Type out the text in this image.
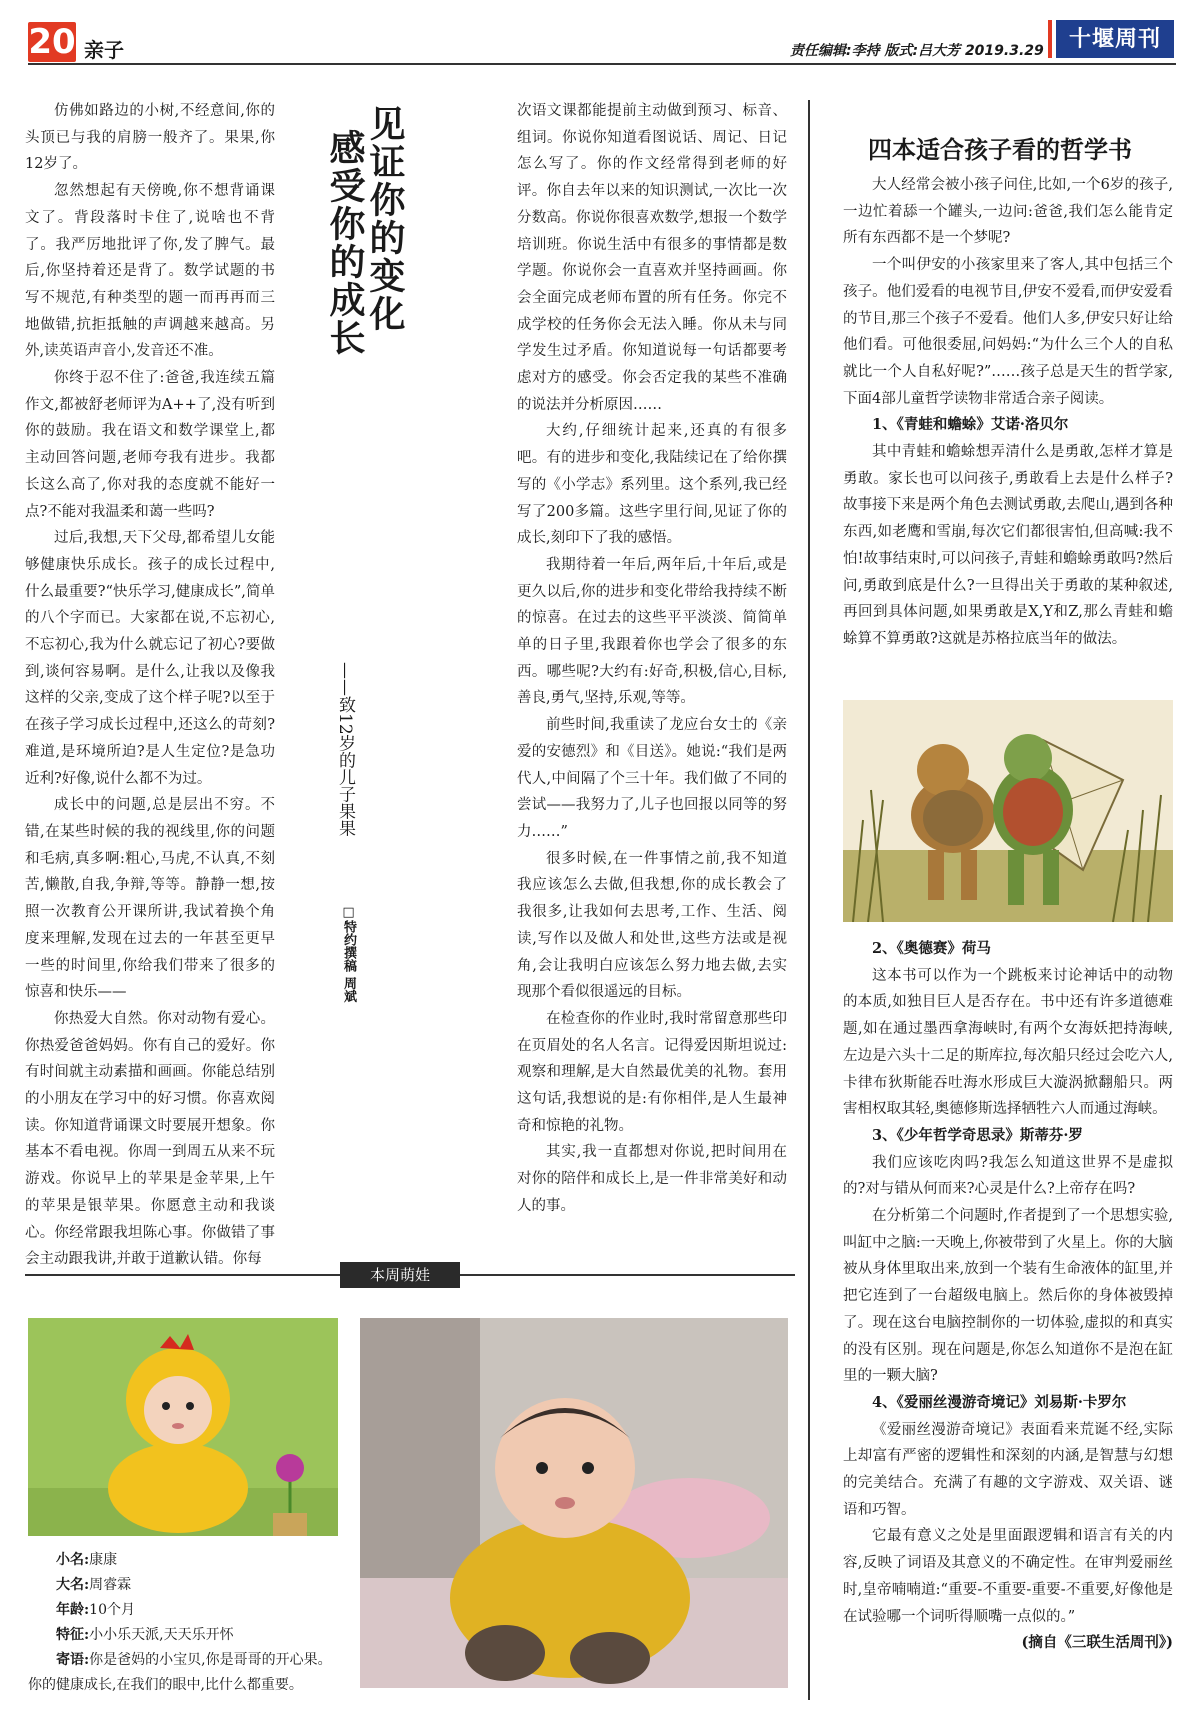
20 亲子	责任编辑:李持 版式:吕大芳 2019.3.29	十堰周刊

仿佛如路边的小树,不经意间,你的头顶已与我的肩膀一般齐了。果果,你12岁了。

忽然想起有天傍晚,你不想背诵课文了。背段落时卡住了,说啥也不背了。我严厉地批评了你,发了脾气。最后,你坚持着还是背了。数学试题的书写不规范,有种类型的题一而再再而三地做错,抗拒抵触的声调越来越高。另外,读英语声音小,发音还不准。

你终于忍不住了:爸爸,我连续五篇作文,都被舒老师评为A++了,没有听到你的鼓励。我在语文和数学课堂上,都主动回答问题,老师夸我有进步。我都长这么高了,你对我的态度就不能好一点?不能对我温柔和蔼一些吗?

过后,我想,天下父母,都希望儿女能够健康快乐成长。孩子的成长过程中,什么最重要?“快乐学习,健康成长”,简单的八个字而已。大家都在说,不忘初心,不忘初心,我为什么就忘记了初心?要做到,谈何容易啊。是什么,让我以及像我这样的父亲,变成了这个样子呢?以至于在孩子学习成长过程中,还这么的苛刻?难道,是环境所迫?是人生定位?是急功近利?好像,说什么都不为过。

成长中的问题,总是层出不穷。不错,在某些时候的我的视线里,你的问题和毛病,真多啊:粗心,马虎,不认真,不刻苦,懒散,自我,争辩,等等。静静一想,按照一次教育公开课所讲,我试着换个角度来理解,发现在过去的一年甚至更早一些的时间里,你给我们带来了很多的惊喜和快乐——

你热爱大自然。你对动物有爱心。你热爱爸爸妈妈。你有自己的爱好。你有时间就主动素描和画画。你能总结别的小朋友在学习中的好习惯。你喜欢阅读。你知道背诵课文时要展开想象。你基本不看电视。你周一到周五从来不玩游戏。你说早上的苹果是金苹果,上午的苹果是银苹果。你愿意主动和我谈心。你经常跟我坦陈心事。你做错了事会主动跟我讲,并敢于道歉认错。你每

见证你的变化
感受你的成长
——致12岁的儿子果果
□特约撰稿 周斌

次语文课都能提前主动做到预习、标音、组词。你说你知道看图说话、周记、日记怎么写了。你的作文经常得到老师的好评。你自去年以来的知识测试,一次比一次分数高。你说你很喜欢数学,想报一个数学培训班。你说生活中有很多的事情都是数学题。你说你会一直喜欢并坚持画画。你会全面完成老师布置的所有任务。你完不成学校的任务你会无法入睡。你从未与同学发生过矛盾。你知道说每一句话都要考虑对方的感受。你会否定我的某些不准确的说法并分析原因……

大约,仔细统计起来,还真的有很多吧。有的进步和变化,我陆续记在了给你撰写的《小学志》系列里。这个系列,我已经写了200多篇。这些字里行间,见证了你的成长,刻印下了我的感悟。

我期待着一年后,两年后,十年后,或是更久以后,你的进步和变化带给我持续不断的惊喜。在过去的这些平平淡淡、简简单单的日子里,我跟着你也学会了很多的东西。哪些呢?大约有:好奇,积极,信心,目标,善良,勇气,坚持,乐观,等等。

前些时间,我重读了龙应台女士的《亲爱的安德烈》和《目送》。她说:“我们是两代人,中间隔了个三十年。我们做了不同的尝试——我努力了,儿子也回报以同等的努力……”

很多时候,在一件事情之前,我不知道我应该怎么去做,但我想,你的成长教会了我很多,让我如何去思考,工作、生活、阅读,写作以及做人和处世,这些方法或是视角,会让我明白应该怎么努力地去做,去实现那个看似很遥远的目标。

在检查你的作业时,我时常留意那些印在页眉处的名人名言。记得爱因斯坦说过:观察和理解,是大自然最优美的礼物。套用这句话,我想说的是:有你相伴,是人生最神奇和惊艳的礼物。

其实,我一直都想对你说,把时间用在对你的陪伴和成长上,是一件非常美好和动人的事。

四本适合孩子看的哲学书

大人经常会被小孩子问住,比如,一个6岁的孩子,一边忙着舔一个罐头,一边问:爸爸,我们怎么能肯定所有东西都不是一个梦呢?

一个叫伊安的小孩家里来了客人,其中包括三个孩子。他们爱看的电视节目,伊安不爱看,而伊安爱看的节目,那三个孩子不爱看。他们人多,伊安只好让给他们看。可他很委屈,问妈妈:“为什么三个人的自私就比一个人自私好呢?”……孩子总是天生的哲学家,下面4部儿童哲学读物非常适合亲子阅读。

1、《青蛙和蟾蜍》艾诺·洛贝尔

其中青蛙和蟾蜍想弄清什么是勇敢,怎样才算是勇敢。家长也可以问孩子,勇敢看上去是什么样子?故事接下来是两个角色去测试勇敢,去爬山,遇到各种东西,如老鹰和雪崩,每次它们都很害怕,但高喊:我不怕!故事结束时,可以问孩子,青蛙和蟾蜍勇敢吗?然后问,勇敢到底是什么?一旦得出关于勇敢的某种叙述,再回到具体问题,如果勇敢是X,Y和Z,那么青蛙和蟾蜍算不算勇敢?这就是苏格拉底当年的做法。

2、《奥德赛》荷马

这本书可以作为一个跳板来讨论神话中的动物的本质,如独目巨人是否存在。书中还有许多道德难题,如在通过墨西拿海峡时,有两个女海妖把持海峡,左边是六头十二足的斯库拉,每次船只经过会吃六人,卡律布狄斯能吞吐海水形成巨大漩涡掀翻船只。两害相权取其轻,奥德修斯选择牺牲六人而通过海峡。

3、《少年哲学奇思录》斯蒂芬·罗

我们应该吃肉吗?我怎么知道这世界不是虚拟的?对与错从何而来?心灵是什么?上帝存在吗?

在分析第二个问题时,作者提到了一个思想实验,叫缸中之脑:一天晚上,你被带到了火星上。你的大脑被从身体里取出来,放到一个装有生命液体的缸里,并把它连到了一台超级电脑上。然后你的身体被毁掉了。现在这台电脑控制你的一切体验,虚拟的和真实的没有区别。现在问题是,你怎么知道你不是泡在缸里的一颗大脑?

4、《爱丽丝漫游奇境记》刘易斯·卡罗尔

《爱丽丝漫游奇境记》表面看来荒诞不经,实际上却富有严密的逻辑性和深刻的内涵,是智慧与幻想的完美结合。充满了有趣的文字游戏、双关语、谜语和巧智。

它最有意义之处是里面跟逻辑和语言有关的内容,反映了词语及其意义的不确定性。在审判爱丽丝时,皇帝喃喃道:“重要-不重要-重要-不重要,好像他是在试验哪一个词听得顺嘴一点似的。”

(摘自《三联生活周刊》)

本周萌娃
小名:康康
大名:周睿霖
年龄:10个月
特征:小小乐天派,天天乐开怀
寄语:你是爸妈的小宝贝,你是哥哥的开心果。你的健康成长,在我们的眼中,比什么都重要。
